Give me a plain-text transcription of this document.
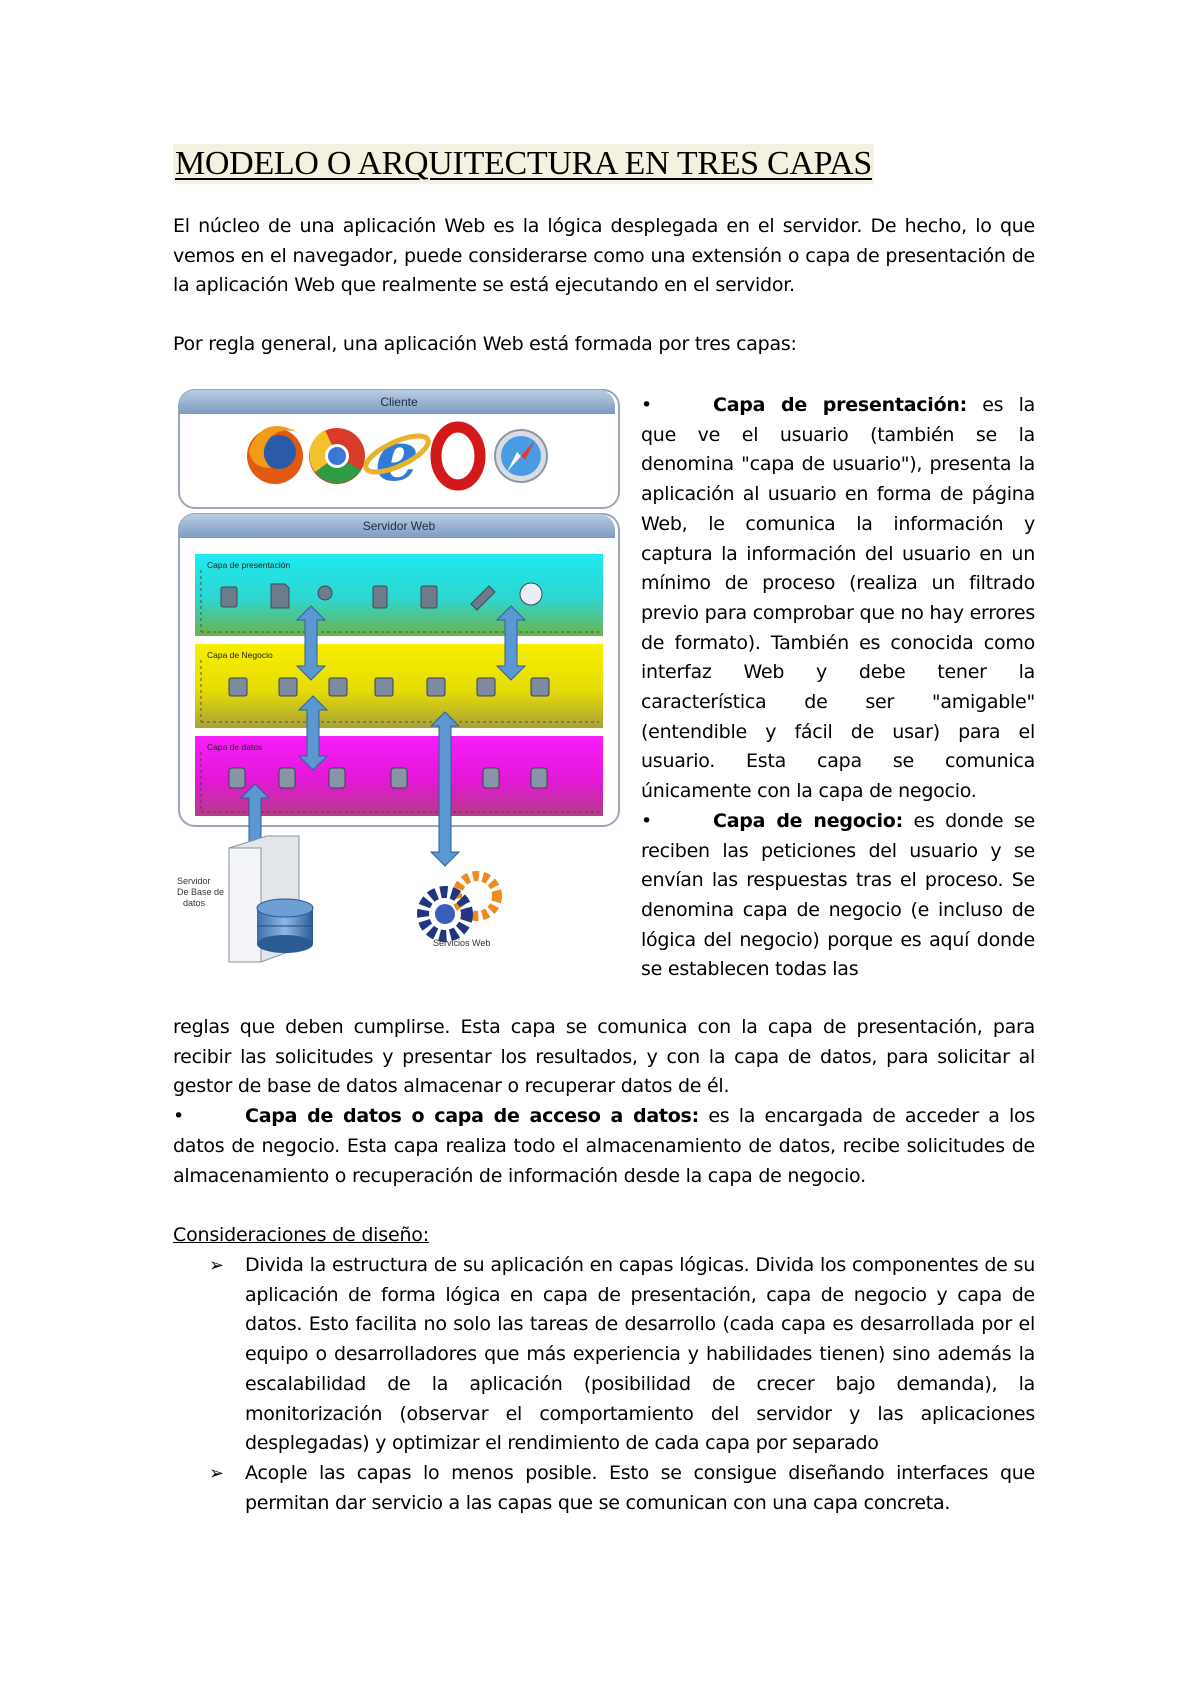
MODELO O ARQUITECTURA EN TRES CAPAS

El núcleo de una aplicación Web es la lógica desplegada en el servidor. De hecho, lo que vemos en el navegador, puede considerarse como una extensión o capa de presentación de la aplicación Web que realmente se está ejecutando en el servidor.

Por regla general, una aplicación Web está formada por tres capas:

Cliente
e
Servidor Web
Capa de presentación
Capa de Negocio
Capa de datos
Servidor
De Base de
datos
Servicios Web

•	Capa de presentación: es la que ve el usuario (también se la denomina "capa de usuario"), presenta la aplicación al usuario en forma de página Web, le comunica la información y captura la información del usuario en un mínimo de proceso (realiza un filtrado previo para comprobar que no hay errores de formato). También es conocida como interfaz Web y debe tener la característica de ser "amigable" (entendible y fácil de usar) para el usuario. Esta capa se comunica únicamente con la capa de negocio.

•	Capa de negocio: es donde se reciben las peticiones del usuario y se envían las respuestas tras el proceso. Se denomina capa de negocio (e incluso de lógica del negocio) porque es aquí donde se establecen todas las

reglas que deben cumplirse. Esta capa se comunica con la capa de presentación, para recibir las solicitudes y presentar los resultados, y con la capa de datos, para solicitar al gestor de base de datos almacenar o recuperar datos de él.

•	Capa de datos o capa de acceso a datos: es la encargada de acceder a los datos de negocio. Esta capa realiza todo el almacenamiento de datos, recibe solicitudes de almacenamiento o recuperación de información desde la capa de negocio.

Consideraciones de diseño:

➢ Divida la estructura de su aplicación en capas lógicas. Divida los componentes de su aplicación de forma lógica en capa de presentación, capa de negocio y capa de datos. Esto facilita no solo las tareas de desarrollo (cada capa es desarrollada por el equipo o desarrolladores que más experiencia y habilidades tienen) sino además la escalabilidad de la aplicación (posibilidad de crecer bajo demanda), la monitorización (observar el comportamiento del servidor y las aplicaciones desplegadas) y optimizar el rendimiento de cada capa por separado
➢ Acople las capas lo menos posible. Esto se consigue diseñando interfaces que permitan dar servicio a las capas que se comunican con una capa concreta.
